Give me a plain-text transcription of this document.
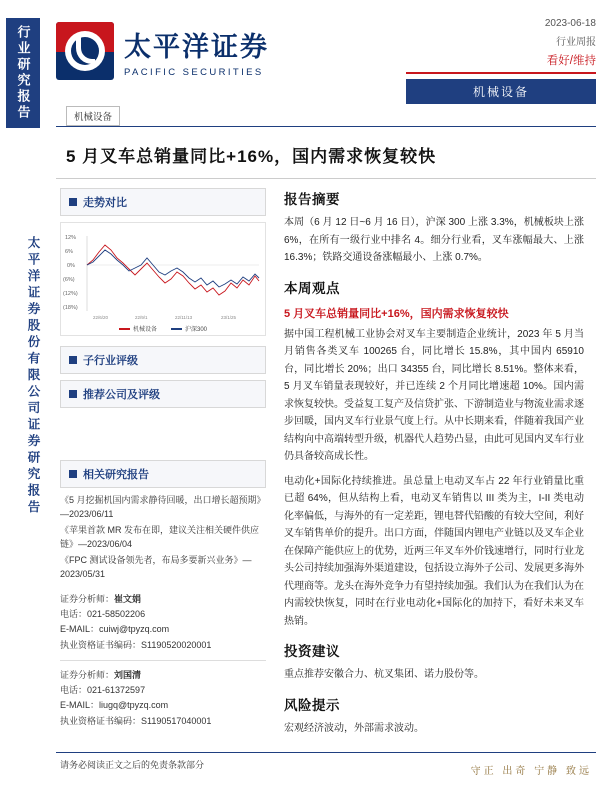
行业研究报告
太平洋证券股份有限公司证券研究报告
太平洋证券
PACIFIC SECURITIES
2023-06-18
行业周报
看好/维持
机械设备
机械设备
5 月叉车总销量同比+16%，国内需求恢复较快
走势对比
12%
6%
0%
(6%)
(12%)
(18%)
22/6/20	22/9/1	22/11/13	23/1/25
机械设备	沪深300
子行业评级
推荐公司及评级
相关研究报告
《5 月挖掘机国内需求静待回暖，出口增长超预期》—2023/06/11
《苹果首款 MR 发布在即，建议关注相关硬件供应链》—2023/06/04
《FPC 测试设备领先者，布局多要新兴业务》—2023/05/31
证券分析师：崔文娟
电话：021-58502206
E-MAIL：cuiwj@tpyzq.com
执业资格证书编码：S1190520020001
证券分析师：刘国清
电话：021-61372597
E-MAIL：liugq@tpyzq.com
执业资格证书编码：S1190517040001
报告摘要

本周（6 月 12 日~6 月 16 日），沪深 300 上涨 3.3%，机械板块上涨 6%，在所有一级行业中排名 4。细分行业看，叉车涨幅最大、上涨 16.3%；铁路交通设备涨幅最小、上涨 0.7%。

本周观点
5 月叉车总销量同比+16%，国内需求恢复较快

据中国工程机械工业协会对叉车主要制造企业统计，2023 年 5 月当月销售各类叉车 100265 台，同比增长 15.8%，其中国内 65910 台，同比增长 20%；出口 34355 台，同比增长 8.51%。整体来看，5 月叉车销量表现较好，并已连续 2 个月同比增速超 10%。国内需求恢复较快。受益复工复产及信贷扩张、下游制造业与物流业需求逐步回暖，国内叉车行业景气度上行。从中长期来看，伴随着我国产业结构向中高端转型升级，机器代人趋势凸显，由此可见国内叉车行业仍具备较高成长性。

电动化+国际化持续推进。虽总量上电动叉车占 22 年行业销量比重已超 64%，但从结构上看，电动叉车销售以 III 类为主，I-II 类电动化率偏低，与海外的有一定差距，锂电替代铅酸的有较大空间，利好叉车销售单价的提升。出口方面，伴随国内锂电产业链以及叉车企业在保障产能供应上的优势，近两三年叉车外价钱速增行，同时行业龙头公司持续加强海外渠道建设，包括设立海外子公司、发展更多海外代理商等。龙头在海外竞争力有望持续加强。我们认为在我们认为在内需较快恢复，同时在行业电动化+国际化的加持下，看好未来叉车热销。

投资建议

重点推荐安徽合力、杭叉集团、诺力股份等。

风险提示

宏观经济波动，外部需求波动。

请务必阅读正文之后的免责条款部分
守正 出奇 宁静 致远
